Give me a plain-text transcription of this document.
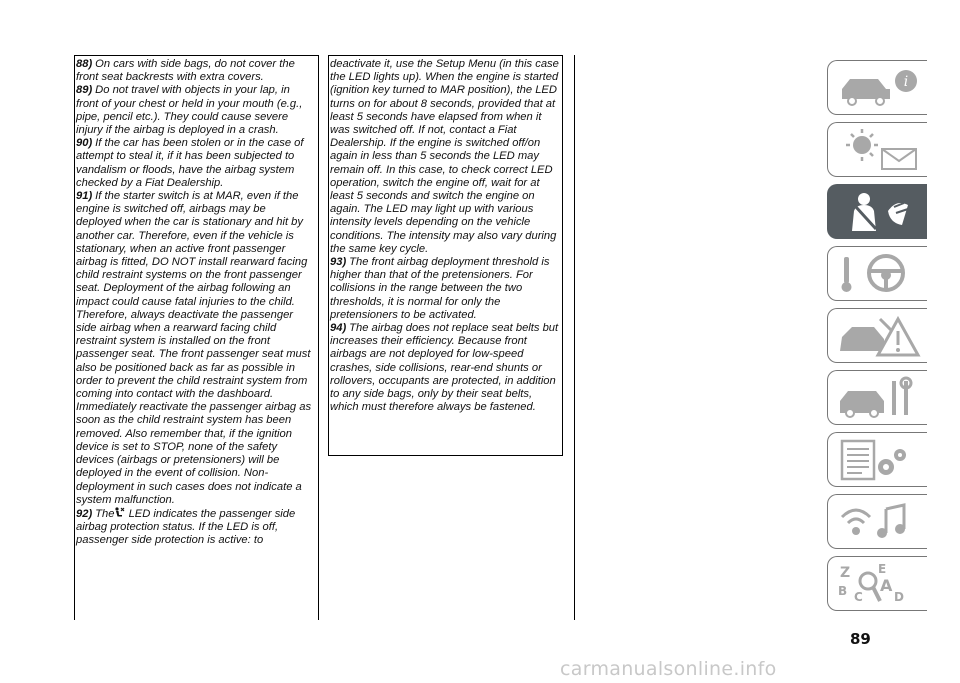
88) On cars with side bags, do not cover the front seat backrests with extra covers.

89) Do not travel with objects in your lap, in front of your chest or held in your mouth (e.g., pipe, pencil etc.). They could cause severe injury if the airbag is deployed in a crash.

90) If the car has been stolen or in the case of attempt to steal it, if it has been subjected to vandalism or floods, have the airbag system checked by a Fiat Dealership.

91) If the starter switch is at MAR, even if the engine is switched off, airbags may be deployed when the car is stationary and hit by another car. Therefore, even if the vehicle is stationary, when an active front passenger airbag is fitted, DO NOT install rearward facing child restraint systems on the front passenger seat. Deployment of the airbag following an impact could cause fatal injuries to the child. Therefore, always deactivate the passenger side airbag when a rearward facing child restraint system is installed on the front passenger seat. The front passenger seat must also be positioned back as far as possible in order to prevent the child restraint system from coming into contact with the dashboard. Immediately reactivate the passenger airbag as soon as the child restraint system has been removed. Also remember that, if the ignition device is set to STOP, none of the safety devices (airbags or pretensioners) will be deployed in the event of collision. Non-deployment in such cases does not indicate a system malfunction.

92) The LED indicates the passenger side airbag protection status. If the LED is off, passenger side protection is active: to

deactivate it, use the Setup Menu (in this case the LED lights up). When the engine is started (ignition key turned to MAR position), the LED turns on for about 8 seconds, provided that at least 5 seconds have elapsed from when it was switched off. If not, contact a Fiat Dealership. If the engine is switched off/on again in less than 5 seconds the LED may remain off. In this case, to check correct LED operation, switch the engine off, wait for at least 5 seconds and switch the engine on again. The LED may light up with various intensity levels depending on the vehicle conditions. The intensity may also vary during the same key cycle.

93) The front airbag deployment threshold is higher than that of the pretensioners. For collisions in the range between the two thresholds, it is normal for only the pretensioners to be activated.

94) The airbag does not replace seat belts but increases their efficiency. Because front airbags are not deployed for low-speed crashes, side collisions, rear-end shunts or rollovers, occupants are protected, in addition to any side bags, only by their seat belts, which must therefore always be fastened.

i
Z E
B C
A
D
89
carmanualsonline.info
